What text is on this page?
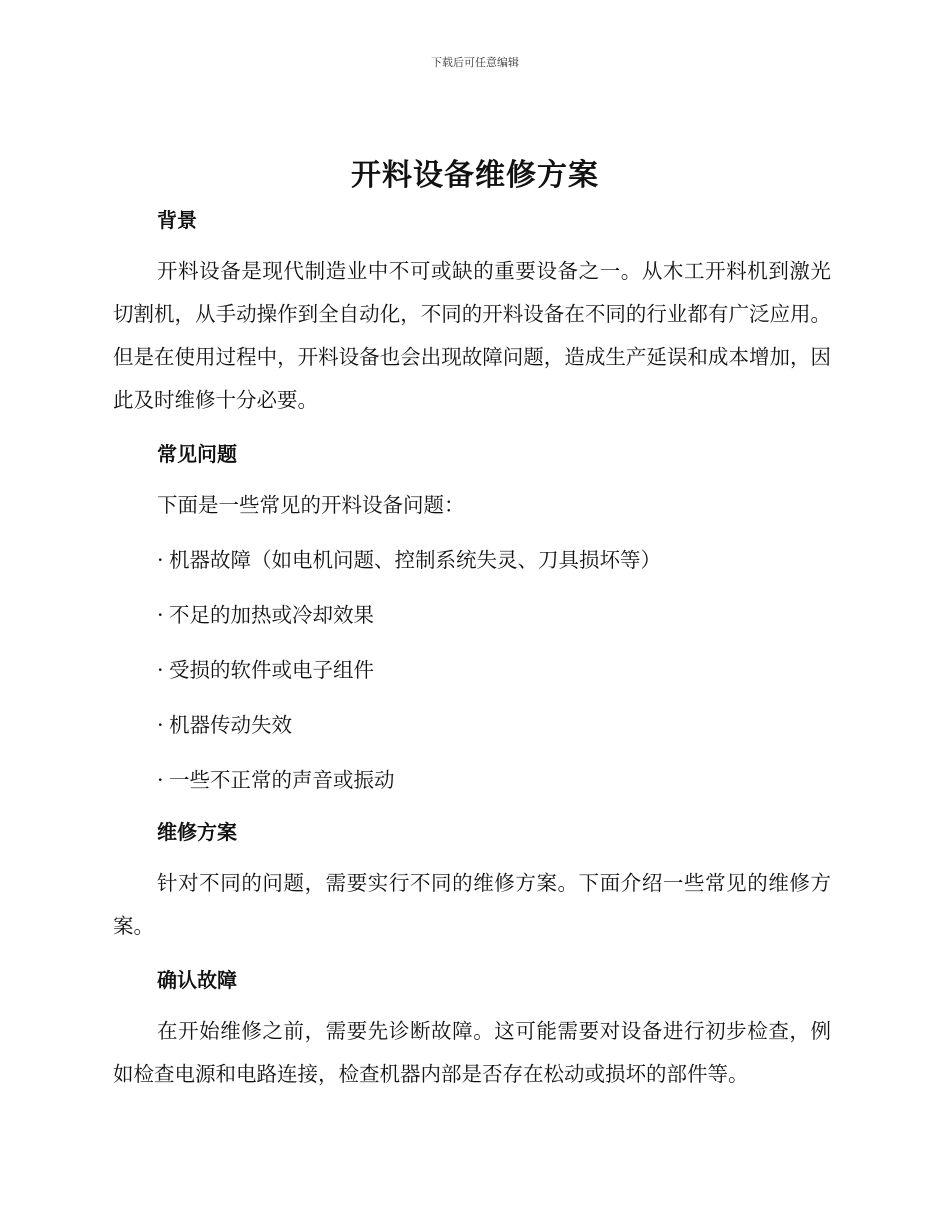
下载后可任意编辑
开料设备维修方案
背景

开料设备是现代制造业中不可或缺的重要设备之一。从木工开料机到激光切割机，从手动操作到全自动化，不同的开料设备在不同的行业都有广泛应用。但是在使用过程中，开料设备也会出现故障问题，造成生产延误和成本增加，因此及时维修十分必要。

常见问题

下面是一些常见的开料设备问题：

· 机器故障（如电机问题、控制系统失灵、刀具损坏等）
· 不足的加热或冷却效果
· 受损的软件或电子组件
· 机器传动失效
· 一些不正常的声音或振动
维修方案

针对不同的问题，需要实行不同的维修方案。下面介绍一些常见的维修方案。

确认故障

在开始维修之前，需要先诊断故障。这可能需要对设备进行初步检查，例如检查电源和电路连接，检查机器内部是否存在松动或损坏的部件等。
